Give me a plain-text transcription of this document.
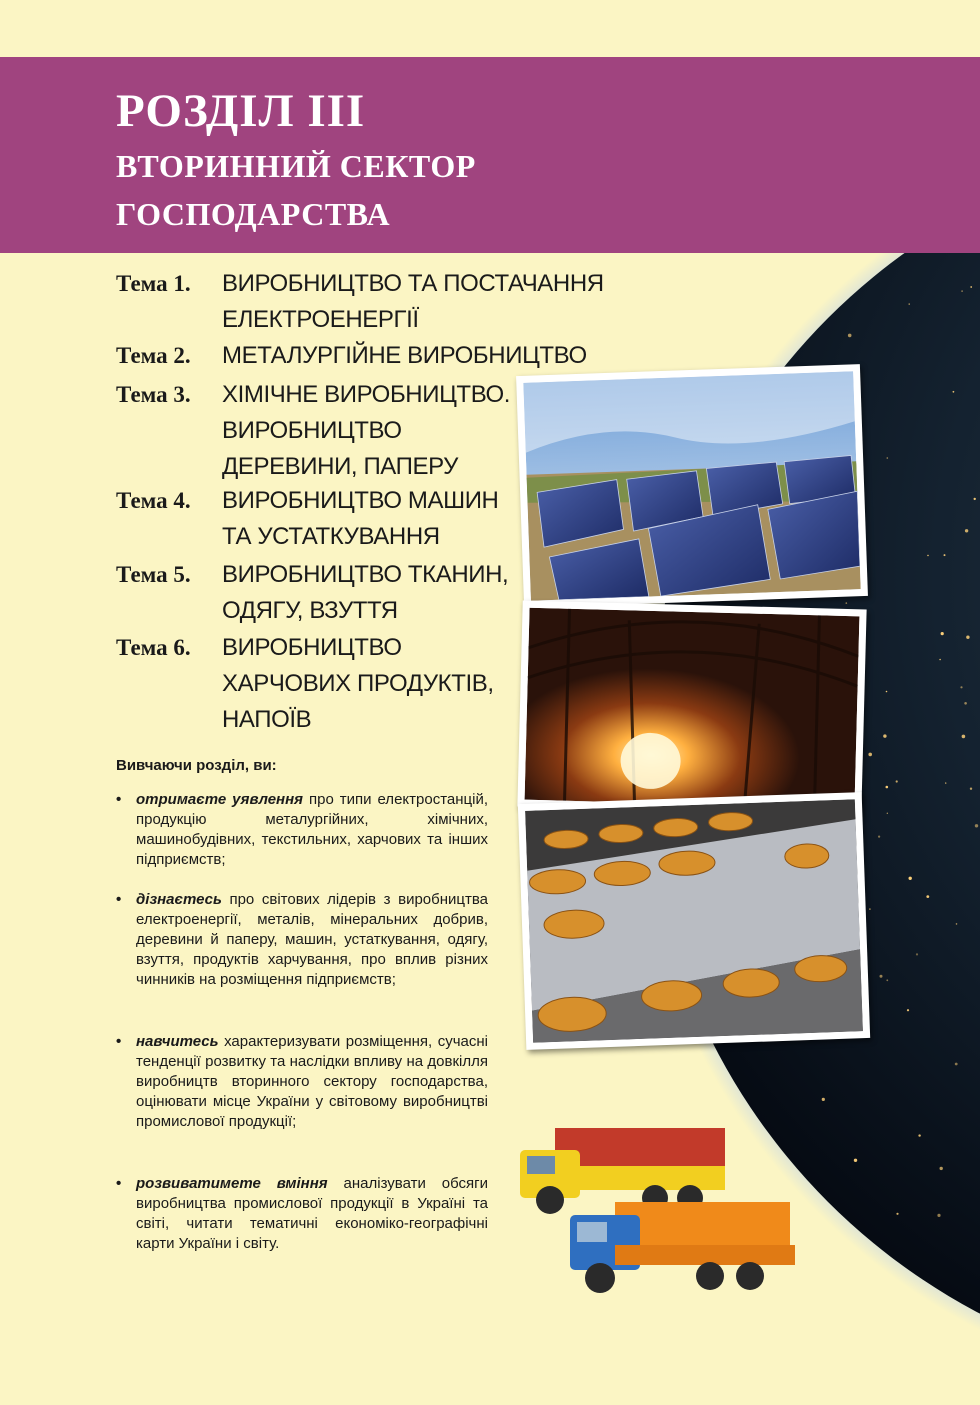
РОЗДІЛ III
ВТОРИННИЙ СЕКТОР
ГОСПОДАРСТВА
Тема 1.	ВИРОБНИЦТВО ТА ПОСТАЧАННЯ
ЕЛЕКТРОЕНЕРГІЇ
Тема 2.	МЕТАЛУРГІЙНЕ ВИРОБНИЦТВО
Тема 3.	ХІМІЧНЕ ВИРОБНИЦТВО.
ВИРОБНИЦТВО
ДЕРЕВИНИ, ПАПЕРУ
Тема 4.	ВИРОБНИЦТВО МАШИН
ТА УСТАТКУВАННЯ
Тема 5.	ВИРОБНИЦТВО ТКАНИН,
ОДЯГУ, ВЗУТТЯ
Тема 6.	ВИРОБНИЦТВО
ХАРЧОВИХ ПРОДУКТІВ,
НАПОЇВ
Вивчаючи розділ, ви:
• отримаєте уявлення про типи електростанцій, продукцію металургійних, хімічних, машинобудівних, текстильних, харчових та інших підприємств;
• дізнаєтесь про світових лідерів з виробництва електроенергії, металів, мінеральних добрив, деревини й паперу, машин, устаткування, одягу, взуття, продуктів харчування, про вплив різних чинників на розміщення підприємств;
• навчитесь характеризувати розміщення, сучасні тенденції розвитку та наслідки впливу на довкілля виробництв вторинного сектору господарства, оцінювати місце України у світовому виробництві промислової продукції;
• розвиватимете вміння аналізувати обсяги виробництва промислової продукції в Україні та світі, читати тематичні економіко-географічні карти України і світу.
